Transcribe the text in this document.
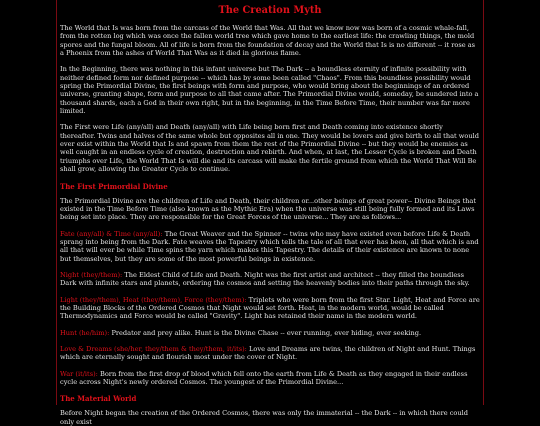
The Creation Myth

The World that Is was born from the carcass of the World that Was. All that we know now was born of a cosmic whale-fall, from the rotten log which was once the fallen world tree which gave home to the earliest life: the crawling things, the mold spores and the fungal bloom. All of life is born from the foundation of decay and the World that Is is no different -- it rose as a Phoenix from the ashes of World That Was as it died in glorious flame.

In the Beginning, there was nothing in this infant universe but The Dark -- a boundless eternity of infinite possibility with neither defined form nor defined purpose -- which has by some been called "Chaos". From this boundless possibility would spring the Primordial Divine, the first beings with form and purpose, who would bring about the beginnings of an ordered universe, granting shape, form and purpose to all that came after. The Primordial Divine would, someday, be sundered into a thousand shards, each a God in their own right, but in the beginning, in the Time Before Time, their number was far more limited.

The First were Life (any/all) and Death (any/all) with Life being born first and Death coming into existence shortly thereafter. Twins and halves of the same whole but opposites all in one. They would be lovers and give birth to all that would ever exist within the World that Is and spawn from them the rest of the Primordial Divine -- but they would be enemies as well caught in an endless cycle of creation, destruction and rebirth. And when, at last, the Lesser Cycle is broken and Death triumphs over Life, the World That Is will die and its carcass will make the fertile ground from which the World That Will Be shall grow, allowing the Greater Cycle to continue.

The First Primordial Divine

The Primordial Divine are the children of Life and Death, their children or...other beings of great power-- Divine Beings that existed in the Time Before Time (also known as the Mythic Era) when the universe was still being fully formed and its Laws being set into place. They are responsible for the Great Forces of the universe... They are as follows...

Fate (any/all) & Time (any/all): The Great Weaver and the Spinner -- twins who may have existed even before Life & Death sprang into being from the Dark. Fate weaves the Tapestry which tells the tale of all that ever has been, all that which is and all that will ever be while Time spins the yarn which makes this Tapestry. The details of their existence are known to none but themselves, but they are some of the most powerful beings in existence.

Night (they/them): The Eldest Child of Life and Death. Night was the first artist and architect -- they filled the boundless Dark with infinite stars and planets, ordering the cosmos and setting the heavenly bodies into their paths through the sky.

Light (they/them), Heat (they/them), Force (they/them): Triplets who were born from the first Star. Light, Heat and Force are the Building Blocks of the Ordered Cosmos that Night would set forth. Heat, in the modern world, would be called Thermodynamics and Force would be called "Gravity". Light has retained their name in the modern world.

Hunt (he/him): Predator and prey alike. Hunt is the Divine Chase -- ever running, ever hiding, ever seeking.

Love & Dreams (she/her, they/them & they/them, it/its): Love and Dreams are twins, the children of Night and Hunt. Things which are eternally sought and flourish most under the cover of Night.

War (it/its): Born from the first drop of blood which fell onto the earth from Life & Death as they engaged in their endless cycle across Night's newly ordered Cosmos. The youngest of the Primordial Divine...

The Material World

Before Night began the creation of the Ordered Cosmos, there was only the immaterial -- the Dark -- in which there could only exist
